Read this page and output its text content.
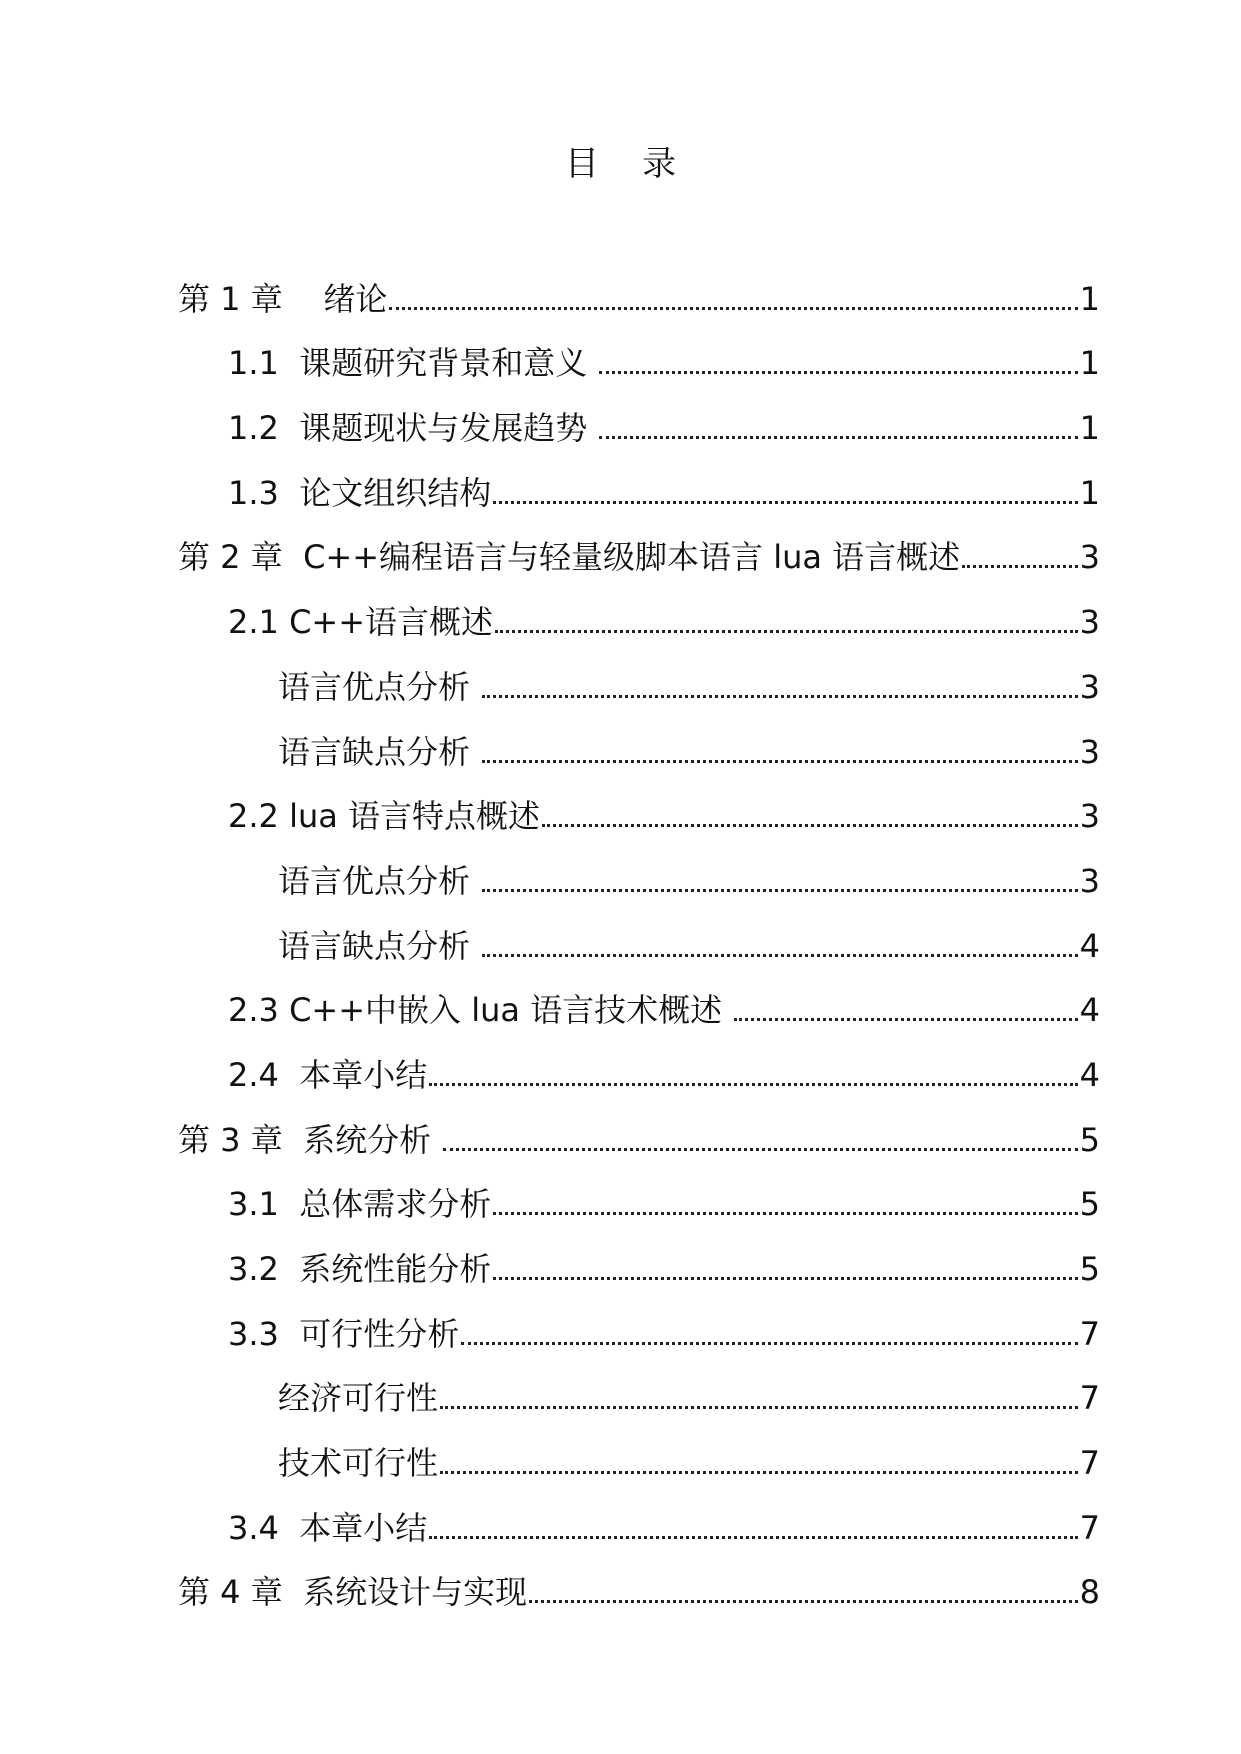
目    录
第 1 章 绪论	1
1.1 课题研究背景和意义	1
1.2 课题现状与发展趋势	1
1.3 论文组织结构	1
第 2 章 C++编程语言与轻量级脚本语言 lua 语言概述	3
2.1 C++语言概述	3
语言优点分析	3
语言缺点分析	3
2.2 lua 语言特点概述	3
语言优点分析	3
语言缺点分析	4
2.3 C++中嵌入 lua 语言技术概述	4
2.4 本章小结	4
第 3 章 系统分析	5
3.1 总体需求分析	5
3.2 系统性能分析	5
3.3 可行性分析	7
经济可行性	7
技术可行性	7
3.4 本章小结	7
第 4 章 系统设计与实现	8
